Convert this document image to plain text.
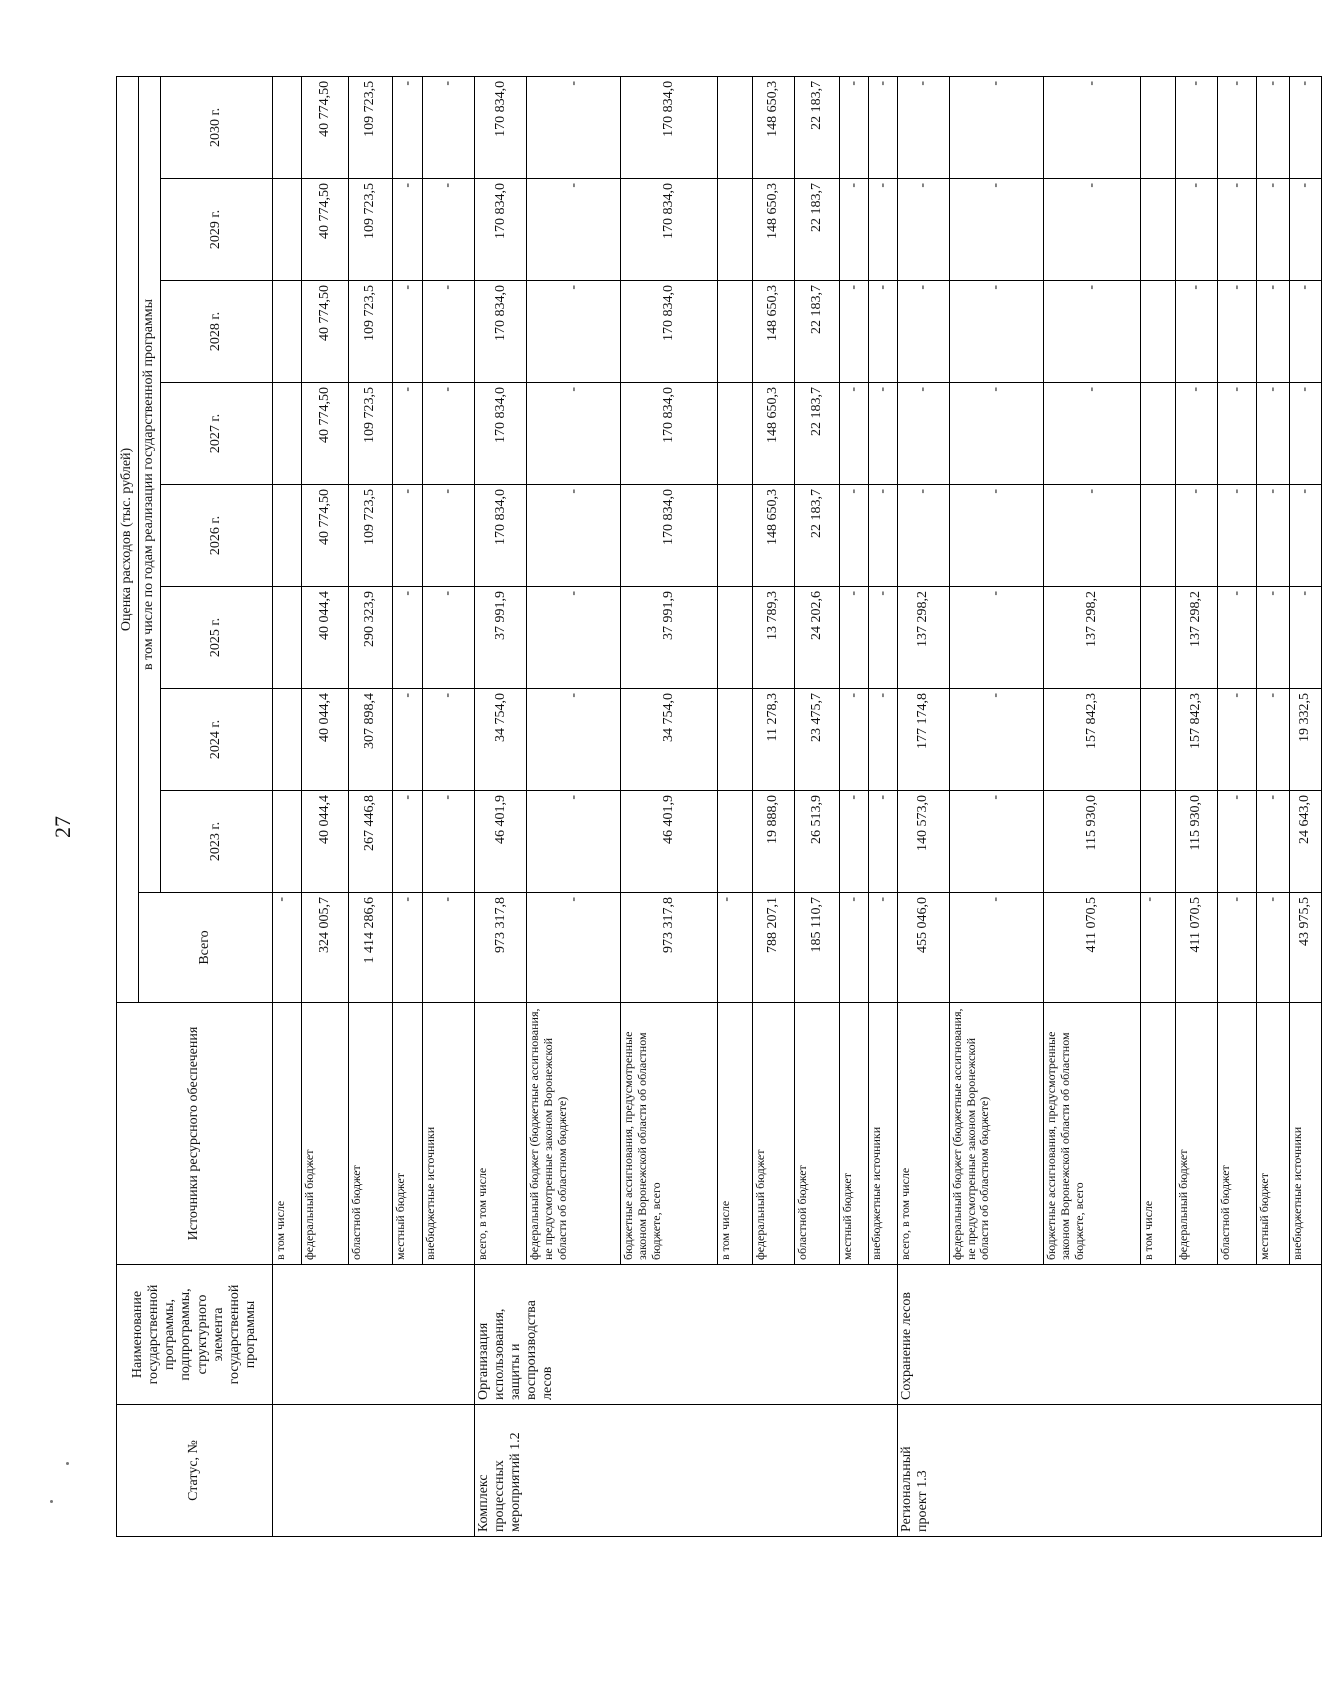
27
Статус, №	Наименование государственной программы, подпрограммы, структурного элемента государственной программы	Источники ресурсного обеспечения	Оценка расходов (тыс. рублей)								
			Всего	в том числе по годам реализации государственной программы							
				2023 г.	2024 г.	2025 г.	2026 г.	2027 г.	2028 г.	2029 г.	2030 г.
		в том числе	-								
		федеральный бюджет	324 005,7	40 044,4	40 044,4	40 044,4	40 774,50	40 774,50	40 774,50	40 774,50	40 774,50
		областной бюджет	1 414 286,6	267 446,8	307 898,4	290 323,9	109 723,5	109 723,5	109 723,5	109 723,5	109 723,5
		местный бюджет	-	-	-	-	-	-	-	-	-
		внебюджетные источники	-	-	-	-	-	-	-	-	-
Комплекс процессных мероприятий 1.2	Организация использования, защиты и воспроизводства лесов	всего, в том числе	973 317,8	46 401,9	34 754,0	37 991,9	170 834,0	170 834,0	170 834,0	170 834,0	170 834,0
		федеральный бюджет (бюджетные ассигнования, не предусмотренные законом Воронежской области об областном бюджете)	-	-	-	-	-	-	-	-	-
		бюджетные ассигнования, предусмотренные законом Воронежской области об областном бюджете, всего	973 317,8	46 401,9	34 754,0	37 991,9	170 834,0	170 834,0	170 834,0	170 834,0	170 834,0
		в том числе	-								
		федеральный бюджет	788 207,1	19 888,0	11 278,3	13 789,3	148 650,3	148 650,3	148 650,3	148 650,3	148 650,3
		областной бюджет	185 110,7	26 513,9	23 475,7	24 202,6	22 183,7	22 183,7	22 183,7	22 183,7	22 183,7
		местный бюджет	-	-	-	-	-	-	-	-	-
		внебюджетные источники	-	-	-	-	-	-	-	-	-
Региональный проект 1.3	Сохранение лесов	всего, в том числе	455 046,0	140 573,0	177 174,8	137 298,2	-	-	-	-	-
		федеральный бюджет (бюджетные ассигнования, не предусмотренные законом Воронежской области об областном бюджете)	-	-	-	-	-	-	-	-	-
		бюджетные ассигнования, предусмотренные законом Воронежской области об областном бюджете, всего	411 070,5	115 930,0	157 842,3	137 298,2	-	-	-	-	-
		в том числе	-								
		федеральный бюджет	411 070,5	115 930,0	157 842,3	137 298,2	-	-	-	-	-
		областной бюджет	-	-	-	-	-	-	-	-	-
		местный бюджет	-	-	-	-	-	-	-	-	-
		внебюджетные источники	43 975,5	24 643,0	19 332,5	-	-	-	-	-	-
